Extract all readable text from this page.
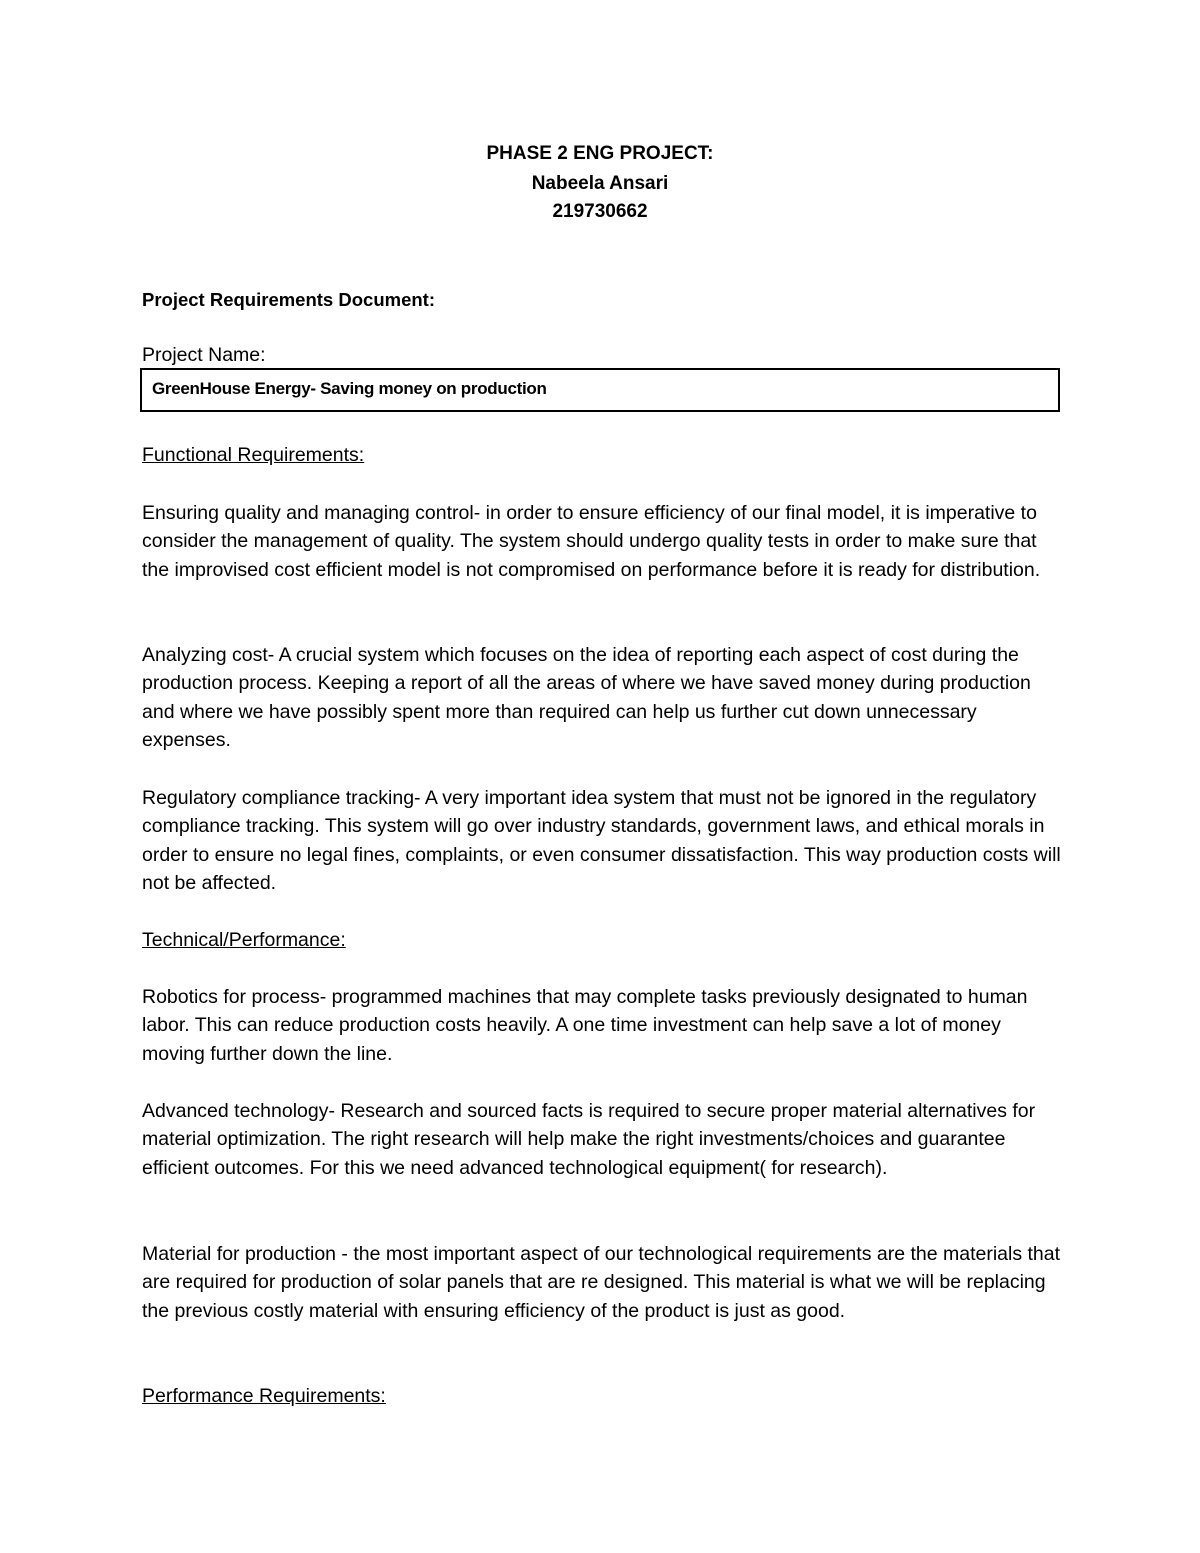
PHASE 2 ENG PROJECT:
Nabeela Ansari
219730662

Project Requirements Document:

Project Name:

GreenHouse Energy- Saving money on production

Functional Requirements:

Ensuring quality and managing control- in order to ensure efficiency of our final model, it is imperative to consider the management of quality. The system should undergo quality tests in order to make sure that the improvised cost efficient model is not compromised on performance before it is ready for distribution.

Analyzing cost- A crucial system which focuses on the idea of reporting each aspect of cost during the production process. Keeping a report of all the areas of where we have saved money during production and where we have possibly spent more than required can help us further cut down unnecessary expenses.

Regulatory compliance tracking- A very important idea system that must not be ignored in the regulatory compliance tracking. This system will go over industry standards, government laws, and ethical morals in order to ensure no legal fines, complaints, or even consumer dissatisfaction. This way production costs will not be affected.

Technical/Performance:

Robotics for process- programmed machines that may complete tasks previously designated to human labor. This can reduce production costs heavily. A one time investment can help save a lot of money moving further down the line.

Advanced technology- Research and sourced facts is required to secure proper material alternatives for material optimization. The right research will help make the right investments/choices and guarantee efficient outcomes. For this we need advanced technological equipment( for research).

Material for production - the most important aspect of our technological requirements are the materials that are required for production of solar panels that are re designed. This material is what we will be replacing the previous costly material with ensuring efficiency of the product is just as good.

Performance Requirements:
